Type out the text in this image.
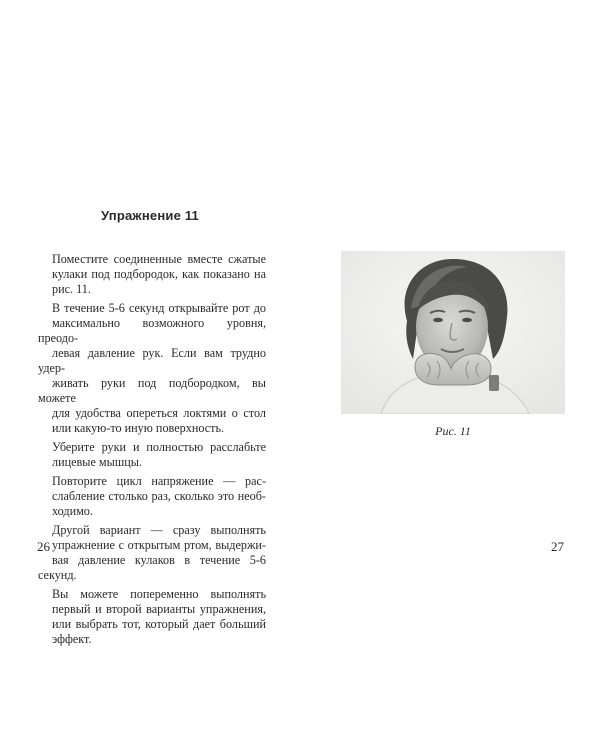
Упражнение 11

Поместите соединенные вместе сжатые
кулаки под подбородок, как показано на
рис. 11.

В течение 5-6 секунд открывайте рот до
максимально возможного уровня, преодо-
левая давление рук. Если вам трудно удер-
живать руки под подбородком, вы можете
для удобства опереться локтями о стол
или какую-то иную поверхность.

Уберите руки и полностью расслабьте
лицевые мышцы.

Повторите цикл напряжение — рас-
слабление столько раз, сколько это необ-
ходимо.

Другой вариант — сразу выполнять
упражнение с открытым ртом, выдержи-
вая давление кулаков в течение 5-6 секунд.

Вы можете попеременно выполнять
первый и второй варианты упражнения,
или выбрать тот, который дает больший
эффект.

26	27
Рис. 11
